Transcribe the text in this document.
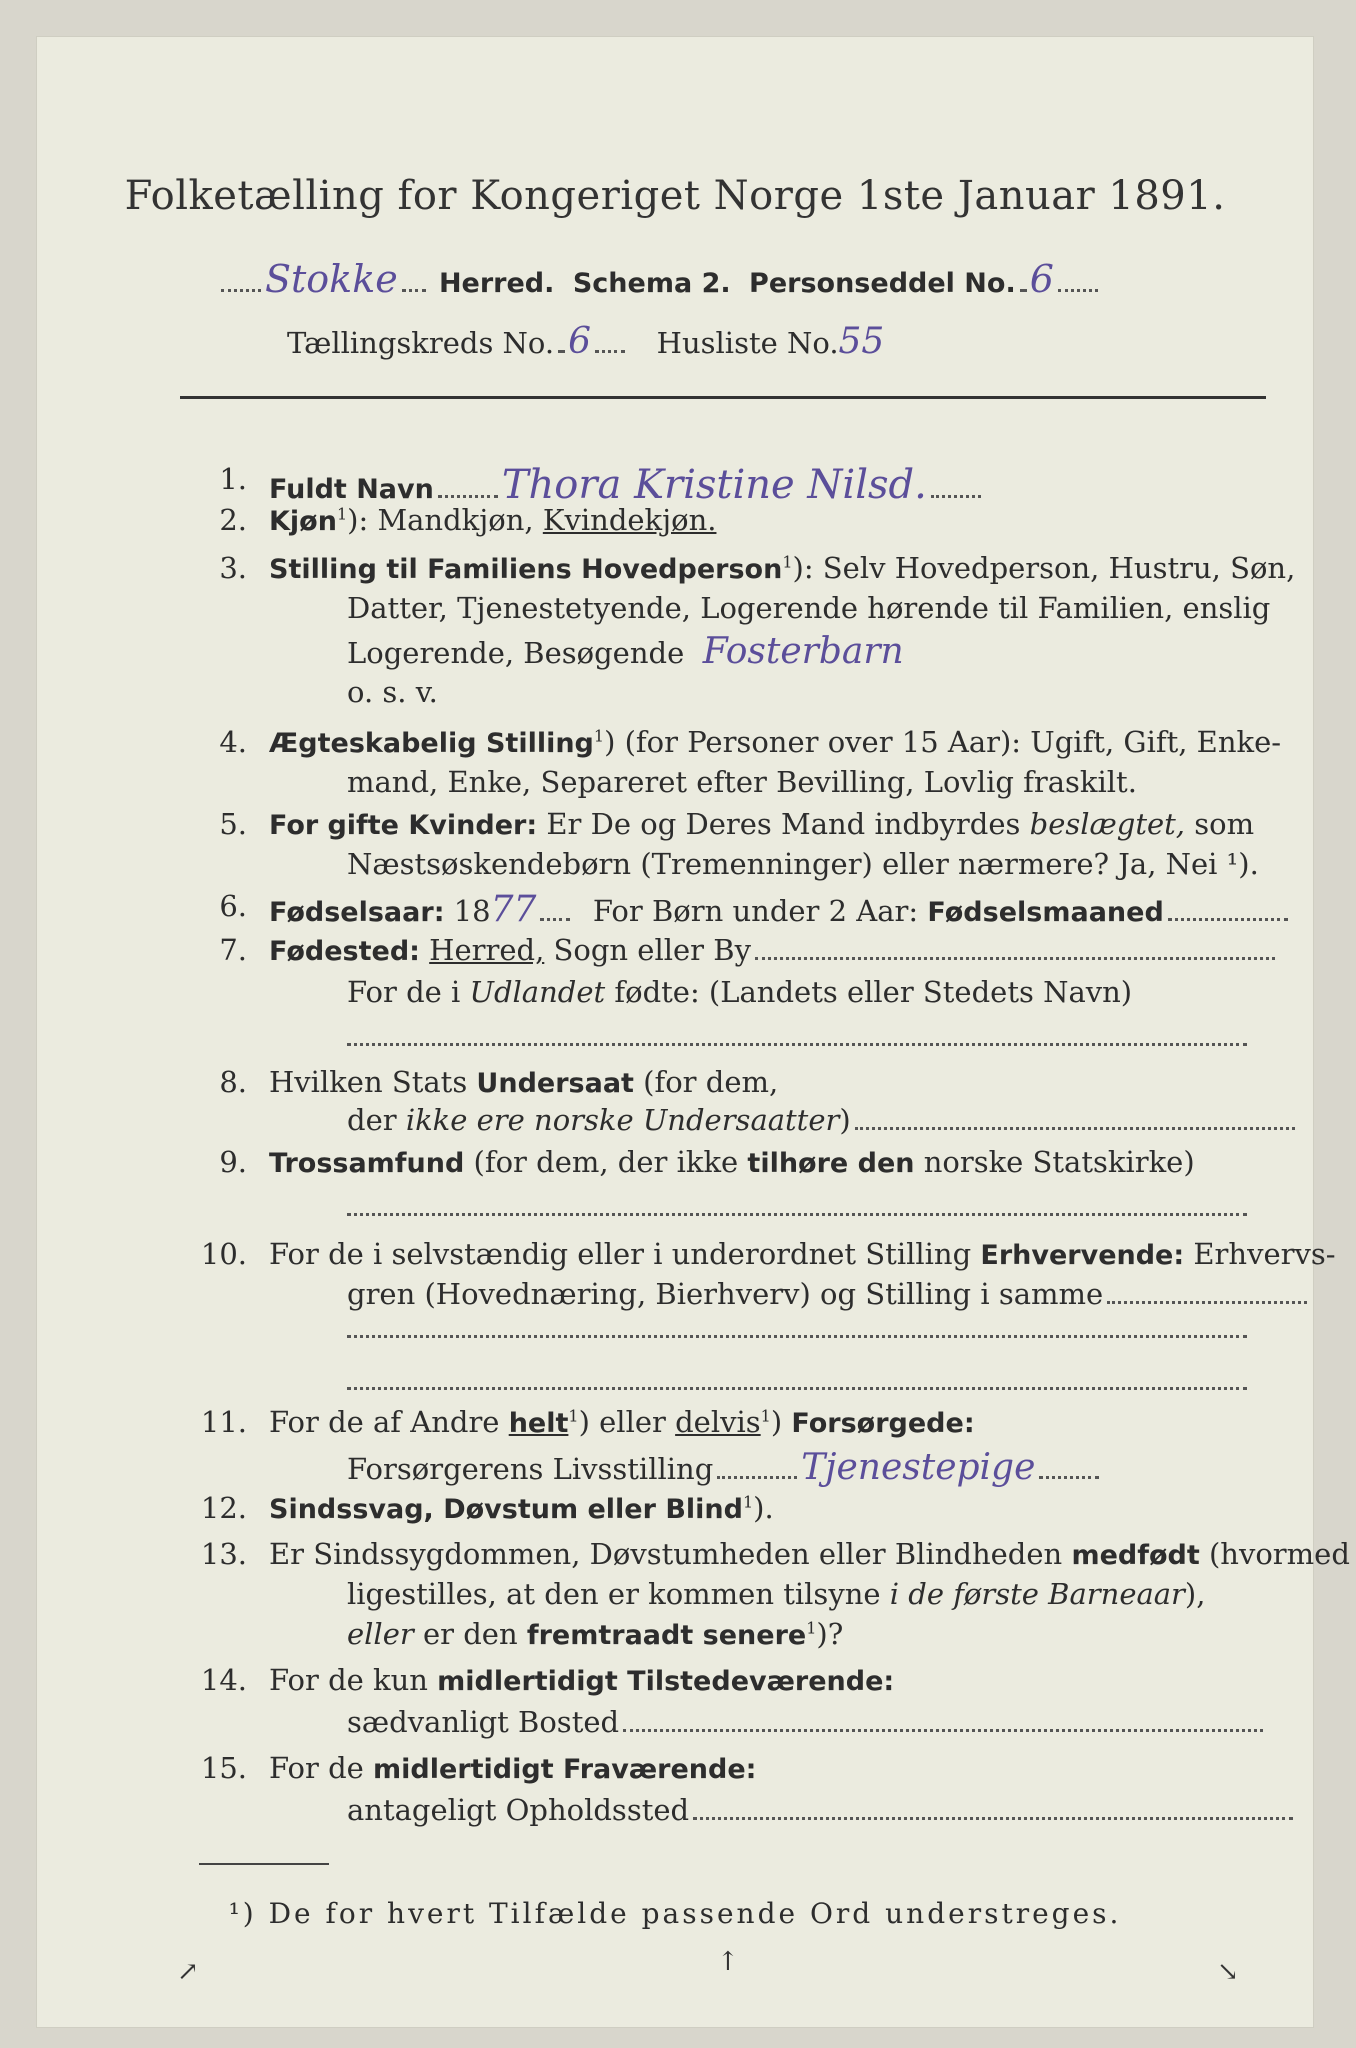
Folketælling for Kongeriget Norge 1ste Januar 1891.
Stokke Herred. Schema 2. Personseddel No. 6
Tællingskreds No. 6 Husliste No.55
1. Fuldt Navn Thora Kristine Nilsd.
2. Kjøn$^1$): Mandkjøn, Kvindekjøn.
3. Stilling til Familiens Hovedperson$^1$): Selv Hovedperson, Hustru, Søn,
Datter, Tjenestetyende, Logerende hørende til Familien, enslig
Logerende, Besøgende Fosterbarn
o. s. v.
4. Ægteskabelig Stilling$^1$) (for Personer over 15 Aar): Ugift, Gift, Enke-
mand, Enke, Separeret efter Bevilling, Lovlig fraskilt.
5. For gifte Kvinder: Er De og Deres Mand indbyrdes beslægtet, som
Næstsøskendebørn (Tremenninger) eller nærmere? Ja, Nei ¹).
6. Fødselsaar: 1877 For Børn under 2 Aar: Fødselsmaaned
7. Fødested: Herred, Sogn eller By
For de i Udlandet fødte: (Landets eller Stedets Navn)
8. Hvilken Stats Undersaat (for dem,
der ikke ere norske Undersaatter)
9. Trossamfund (for dem, der ikke tilhøre den norske Statskirke)
10. For de i selvstændig eller i underordnet Stilling Erhvervende: Erhvervs-
gren (Hovednæring, Bierhverv) og Stilling i samme
11. For de af Andre helt$^1$) eller delvis$^1$) Forsørgede:
Forsørgerens Livsstilling Tjenestepige
12. Sindssvag, Døvstum eller Blind$^1$).
13. Er Sindssygdommen, Døvstumheden eller Blindheden medfødt (hvormed
ligestilles, at den er kommen tilsyne i de første Barneaar),
eller er den fremtraadt senere$^1$)?
14. For de kun midlertidigt Tilstedeværende:
sædvanligt Bosted
15. For de midlertidigt Fraværende:
antageligt Opholdssted
¹) De for hvert Tilfælde passende Ord understreges.
↗	↑	↘
